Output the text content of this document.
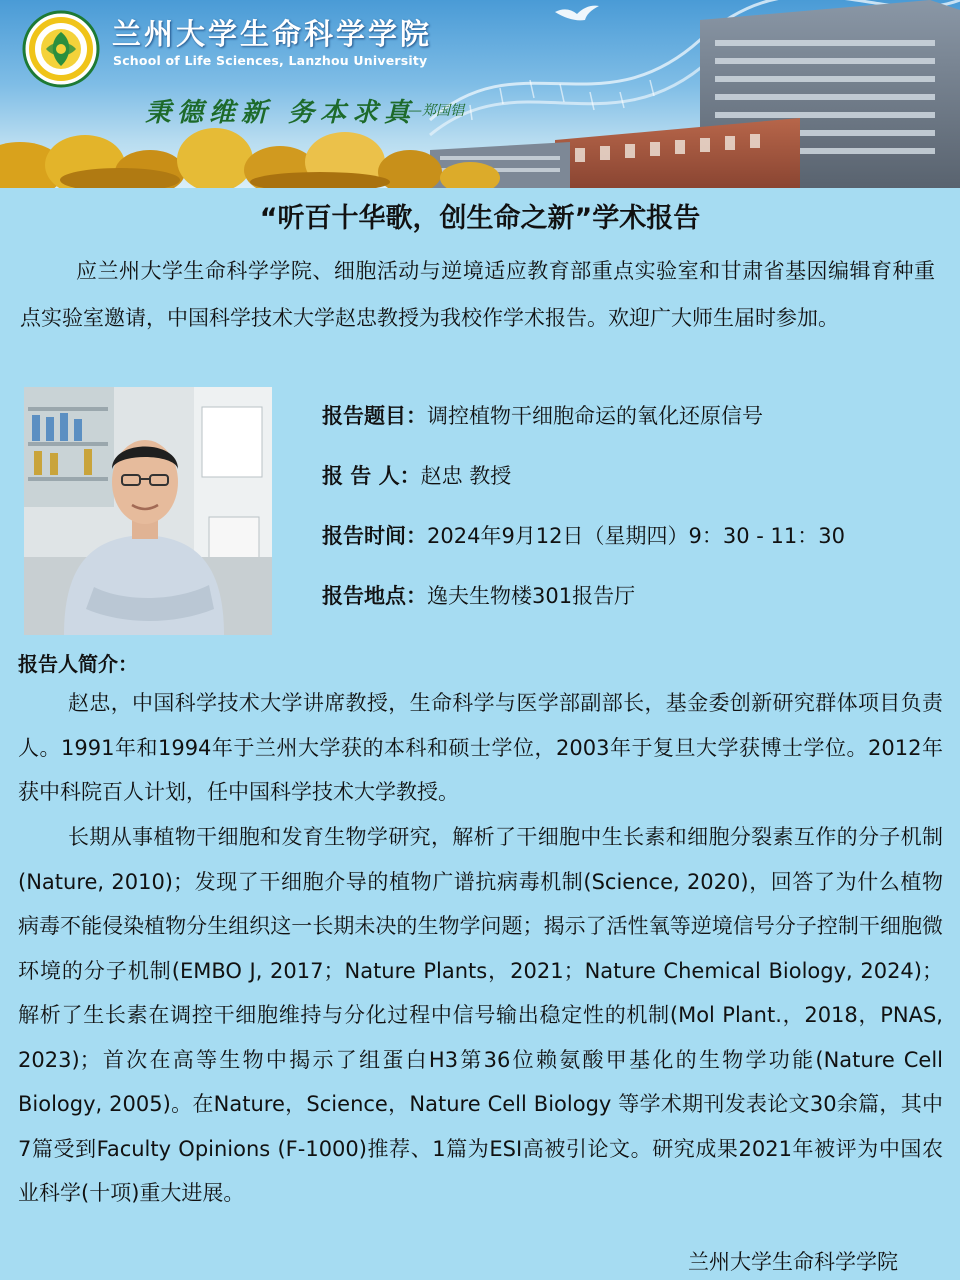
兰州大学生命科学学院
School of Life Sciences, Lanzhou University
秉德维新 务本求真
—郑国锠
“听百十华歌，创生命之新”学术报告

应兰州大学生命科学学院、细胞活动与逆境适应教育部重点实验室和甘肃省基因编辑育种重点实验室邀请，中国科学技术大学赵忠教授为我校作学术报告。欢迎广大师生届时参加。

报告题目：调控植物干细胞命运的氧化还原信号
报 告 人：赵忠 教授
报告时间：2024年9月12日（星期四）9：30 - 11：30
报告地点：逸夫生物楼301报告厅
报告人简介：

赵忠，中国科学技术大学讲席教授，生命科学与医学部副部长，基金委创新研究群体项目负责人。1991年和1994年于兰州大学获的本科和硕士学位，2003年于复旦大学获博士学位。2012年获中科院百人计划，任中国科学技术大学教授。

长期从事植物干细胞和发育生物学研究，解析了干细胞中生长素和细胞分裂素互作的分子机制(Nature, 2010)；发现了干细胞介导的植物广谱抗病毒机制(Science, 2020)，回答了为什么植物病毒不能侵染植物分生组织这一长期未决的生物学问题；揭示了活性氧等逆境信号分子控制干细胞微环境的分子机制(EMBO J, 2017；Nature Plants，2021；Nature Chemical Biology, 2024)；解析了生长素在调控干细胞维持与分化过程中信号输出稳定性的机制(Mol Plant.，2018，PNAS, 2023)；首次在高等生物中揭示了组蛋白H3第36位赖氨酸甲基化的生物学功能(Nature Cell Biology, 2005)。在Nature，Science，Nature Cell Biology 等学术期刊发表论文30余篇，其中7篇受到Faculty Opinions (F-1000)推荐、1篇为ESI高被引论文。研究成果2021年被评为中国农业科学(十项)重大进展。

兰州大学生命科学学院
